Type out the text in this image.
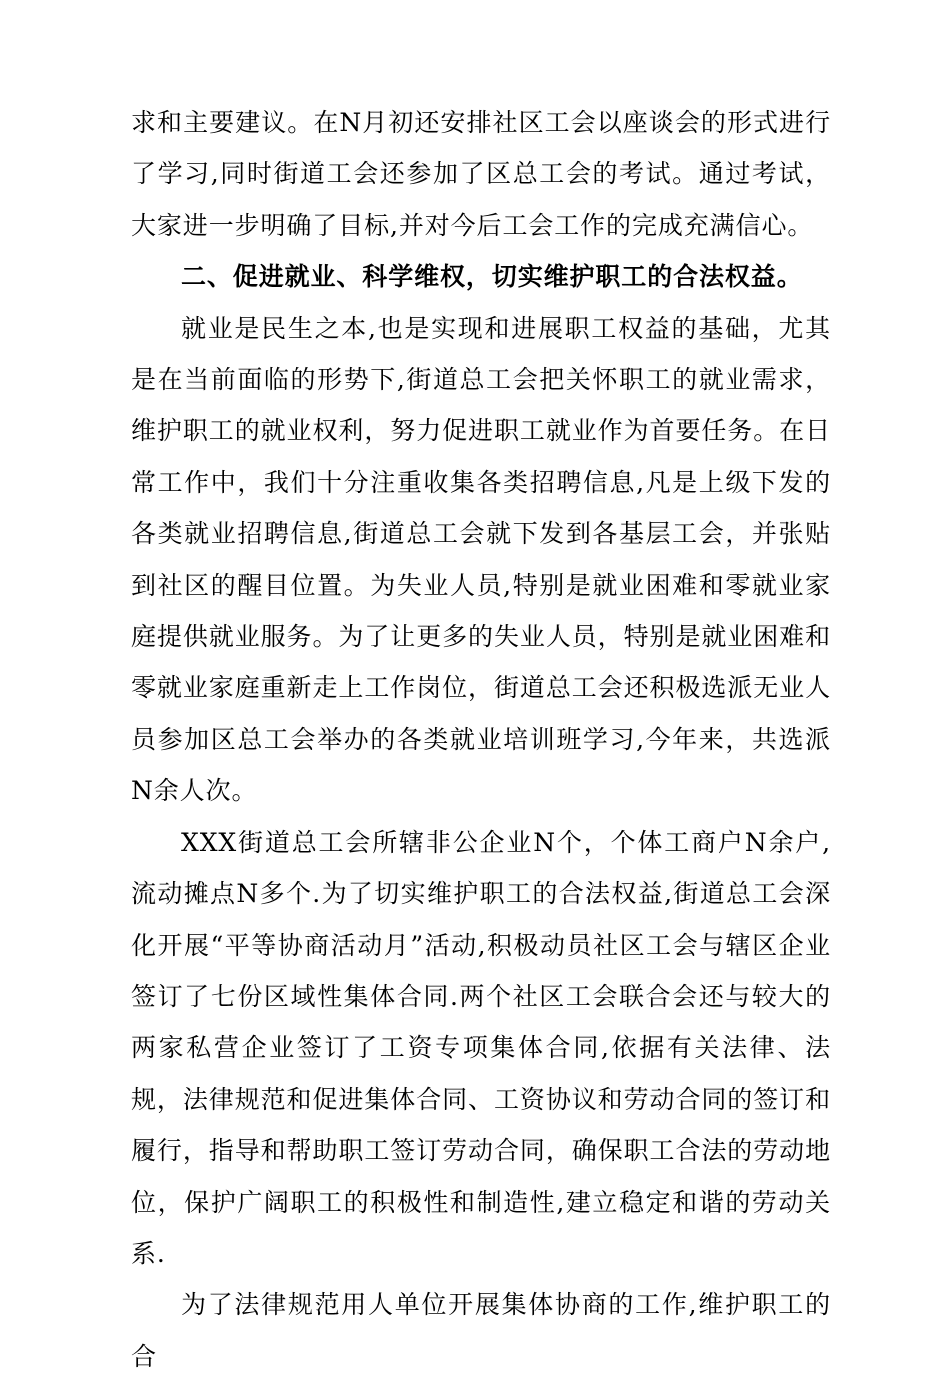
求和主要建议。在N月初还安排社区工会以座谈会的形式进行了学习,同时街道工会还参加了区总工会的考试。通过考试，大家进一步明确了目标,并对今后工会工作的完成充满信心。

二、促进就业、科学维权，切实维护职工的合法权益。

就业是民生之本,也是实现和进展职工权益的基础，尤其是在当前面临的形势下,街道总工会把关怀职工的就业需求，维护职工的就业权利，努力促进职工就业作为首要任务。在日常工作中，我们十分注重收集各类招聘信息,凡是上级下发的各类就业招聘信息,街道总工会就下发到各基层工会，并张贴到社区的醒目位置。为失业人员,特别是就业困难和零就业家庭提供就业服务。为了让更多的失业人员，特别是就业困难和零就业家庭重新走上工作岗位，街道总工会还积极选派无业人员参加区总工会举办的各类就业培训班学习,今年来，共选派N余人次。

XXX街道总工会所辖非公企业N个，个体工商户N余户,流动摊点N多个.为了切实维护职工的合法权益,街道总工会深化开展“平等协商活动月”活动,积极动员社区工会与辖区企业签订了七份区域性集体合同.两个社区工会联合会还与较大的两家私营企业签订了工资专项集体合同,依据有关法律、法规，法律规范和促进集体合同、工资协议和劳动合同的签订和履行，指导和帮助职工签订劳动合同，确保职工合法的劳动地位，保护广阔职工的积极性和制造性,建立稳定和谐的劳动关系.

为了法律规范用人单位开展集体协商的工作,维护职工的合
